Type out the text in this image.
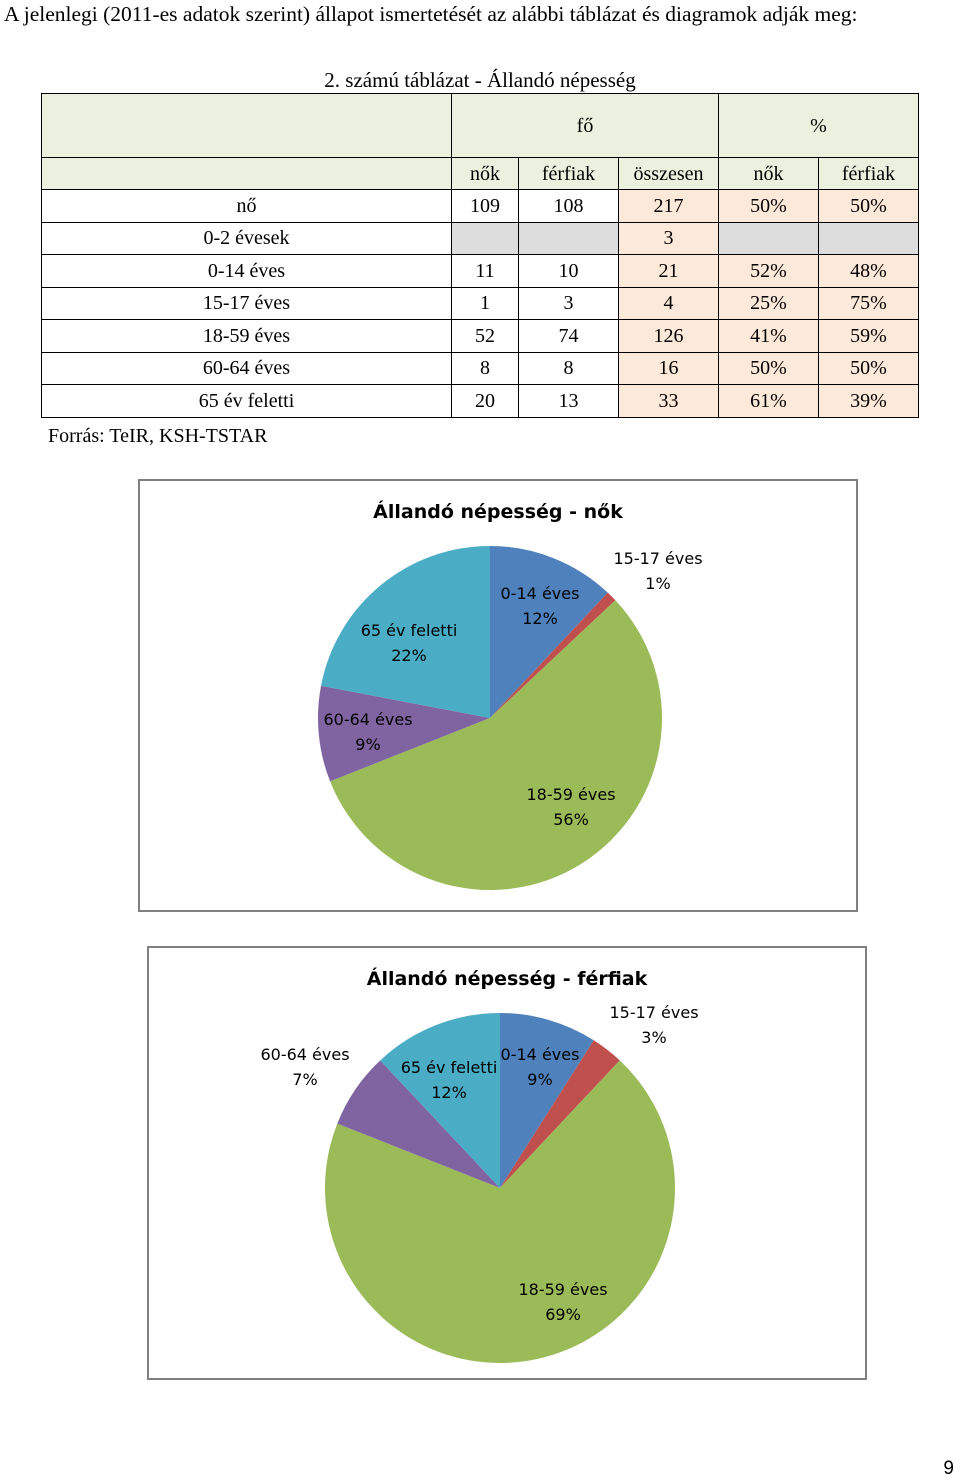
A jelenlegi (2011-es adatok szerint) állapot ismertetését az alábbi táblázat és diagramok adják meg:
2. számú táblázat - Állandó népesség
	fő			%	
	nők	férfiak	összesen	nők	férfiak
nő	109	108	217	50%	50%
0-2 évesek			3		
0-14 éves	11	10	21	52%	48%
15-17 éves	1	3	4	25%	75%
18-59 éves	52	74	126	41%	59%
60-64 éves	8	8	16	50%	50%
65 év feletti	20	13	33	61%	39%
Forrás: TeIR, KSH-TSTAR
Állandó népesség - nők
0-14 éves
12%
15-17 éves
1%
18-59 éves
56%
60-64 éves
9%
65 év feletti
22%
Állandó népesség - férfiak
0-14 éves
9%
15-17 éves
3%
18-59 éves
69%
60-64 éves
7%
65 év feletti
12%
9
